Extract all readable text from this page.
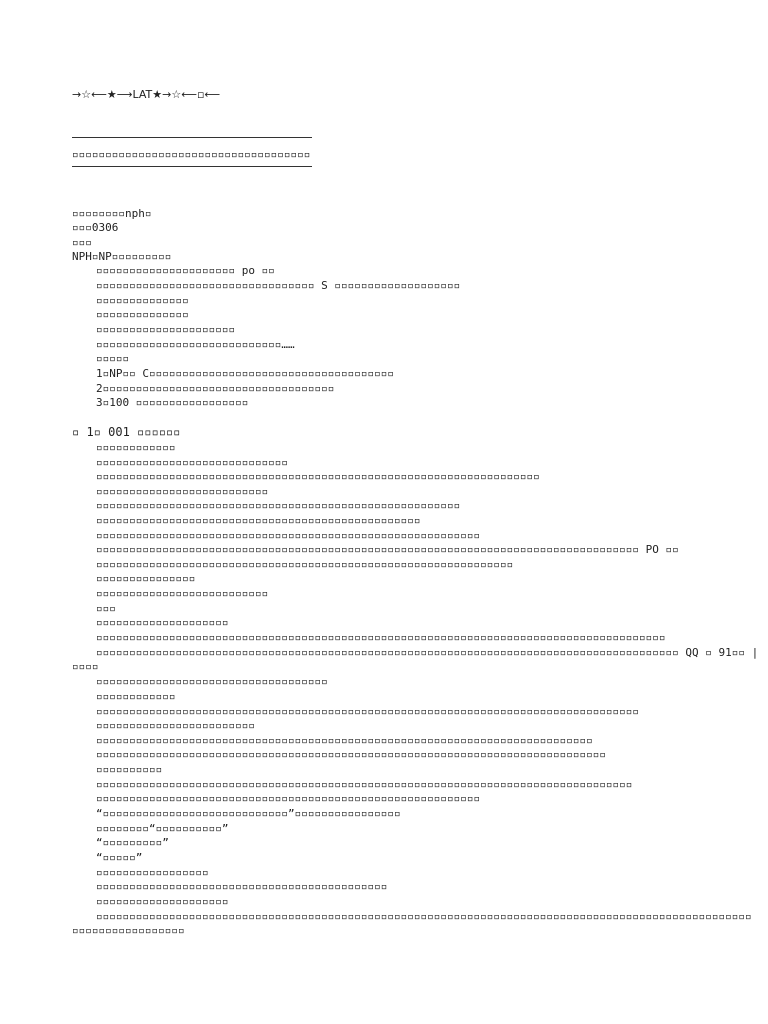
→☆⟵★⟶LAT★→☆⟵▫⟵
▫▫▫▫▫▫▫▫▫▫▫▫▫▫▫▫▫▫▫▫▫▫▫▫▫▫▫▫▫▫▫▫▫▫▫▫
▫▫▫▫▫▫▫▫nph▫
▫▫▫0306
▫▫▫
NPH▫NP▫▫▫▫▫▫▫▫▫
▫▫▫▫▫▫▫▫▫▫▫▫▫▫▫▫▫▫▫▫▫ po ▫▫
▫▫▫▫▫▫▫▫▫▫▫▫▫▫▫▫▫▫▫▫▫▫▫▫▫▫▫▫▫▫▫▫▫ S ▫▫▫▫▫▫▫▫▫▫▫▫▫▫▫▫▫▫▫
▫▫▫▫▫▫▫▫▫▫▫▫▫▫
▫▫▫▫▫▫▫▫▫▫▫▫▫▫
▫▫▫▫▫▫▫▫▫▫▫▫▫▫▫▫▫▫▫▫▫
▫▫▫▫▫▫▫▫▫▫▫▫▫▫▫▫▫▫▫▫▫▫▫▫▫▫▫▫……
▫▫▫▫▫
1▫NP▫▫ C▫▫▫▫▫▫▫▫▫▫▫▫▫▫▫▫▫▫▫▫▫▫▫▫▫▫▫▫▫▫▫▫▫▫▫▫▫
2▫▫▫▫▫▫▫▫▫▫▫▫▫▫▫▫▫▫▫▫▫▫▫▫▫▫▫▫▫▫▫▫▫▫▫
3▫100 ▫▫▫▫▫▫▫▫▫▫▫▫▫▫▫▫▫
▫ 1▫ 001 ▫▫▫▫▫▫
▫▫▫▫▫▫▫▫▫▫▫▫
▫▫▫▫▫▫▫▫▫▫▫▫▫▫▫▫▫▫▫▫▫▫▫▫▫▫▫▫▫
▫▫▫▫▫▫▫▫▫▫▫▫▫▫▫▫▫▫▫▫▫▫▫▫▫▫▫▫▫▫▫▫▫▫▫▫▫▫▫▫▫▫▫▫▫▫▫▫▫▫▫▫▫▫▫▫▫▫▫▫▫▫▫▫▫▫▫
▫▫▫▫▫▫▫▫▫▫▫▫▫▫▫▫▫▫▫▫▫▫▫▫▫▫
▫▫▫▫▫▫▫▫▫▫▫▫▫▫▫▫▫▫▫▫▫▫▫▫▫▫▫▫▫▫▫▫▫▫▫▫▫▫▫▫▫▫▫▫▫▫▫▫▫▫▫▫▫▫▫
▫▫▫▫▫▫▫▫▫▫▫▫▫▫▫▫▫▫▫▫▫▫▫▫▫▫▫▫▫▫▫▫▫▫▫▫▫▫▫▫▫▫▫▫▫▫▫▫▫
▫▫▫▫▫▫▫▫▫▫▫▫▫▫▫▫▫▫▫▫▫▫▫▫▫▫▫▫▫▫▫▫▫▫▫▫▫▫▫▫▫▫▫▫▫▫▫▫▫▫▫▫▫▫▫▫▫▫
▫▫▫▫▫▫▫▫▫▫▫▫▫▫▫▫▫▫▫▫▫▫▫▫▫▫▫▫▫▫▫▫▫▫▫▫▫▫▫▫▫▫▫▫▫▫▫▫▫▫▫▫▫▫▫▫▫▫▫▫▫▫▫▫▫▫▫▫▫▫▫▫▫▫▫▫▫▫▫▫▫▫ PO ▫▫
▫▫▫▫▫▫▫▫▫▫▫▫▫▫▫▫▫▫▫▫▫▫▫▫▫▫▫▫▫▫▫▫▫▫▫▫▫▫▫▫▫▫▫▫▫▫▫▫▫▫▫▫▫▫▫▫▫▫▫▫▫▫▫
▫▫▫▫▫▫▫▫▫▫▫▫▫▫▫
▫▫▫▫▫▫▫▫▫▫▫▫▫▫▫▫▫▫▫▫▫▫▫▫▫▫
▫▫▫
▫▫▫▫▫▫▫▫▫▫▫▫▫▫▫▫▫▫▫▫
▫▫▫▫▫▫▫▫▫▫▫▫▫▫▫▫▫▫▫▫▫▫▫▫▫▫▫▫▫▫▫▫▫▫▫▫▫▫▫▫▫▫▫▫▫▫▫▫▫▫▫▫▫▫▫▫▫▫▫▫▫▫▫▫▫▫▫▫▫▫▫▫▫▫▫▫▫▫▫▫▫▫▫▫▫▫
▫▫▫▫▫▫▫▫▫▫▫▫▫▫▫▫▫▫▫▫▫▫▫▫▫▫▫▫▫▫▫▫▫▫▫▫▫▫▫▫▫▫▫▫▫▫▫▫▫▫▫▫▫▫▫▫▫▫▫▫▫▫▫▫▫▫▫▫▫▫▫▫▫▫▫▫▫▫▫▫▫▫▫▫▫▫▫▫ QQ ▫ 91▫▫ |
▫▫▫▫
▫▫▫▫▫▫▫▫▫▫▫▫▫▫▫▫▫▫▫▫▫▫▫▫▫▫▫▫▫▫▫▫▫▫▫
▫▫▫▫▫▫▫▫▫▫▫▫
▫▫▫▫▫▫▫▫▫▫▫▫▫▫▫▫▫▫▫▫▫▫▫▫▫▫▫▫▫▫▫▫▫▫▫▫▫▫▫▫▫▫▫▫▫▫▫▫▫▫▫▫▫▫▫▫▫▫▫▫▫▫▫▫▫▫▫▫▫▫▫▫▫▫▫▫▫▫▫▫▫▫
▫▫▫▫▫▫▫▫▫▫▫▫▫▫▫▫▫▫▫▫▫▫▫▫
▫▫▫▫▫▫▫▫▫▫▫▫▫▫▫▫▫▫▫▫▫▫▫▫▫▫▫▫▫▫▫▫▫▫▫▫▫▫▫▫▫▫▫▫▫▫▫▫▫▫▫▫▫▫▫▫▫▫▫▫▫▫▫▫▫▫▫▫▫▫▫▫▫▫▫
▫▫▫▫▫▫▫▫▫▫▫▫▫▫▫▫▫▫▫▫▫▫▫▫▫▫▫▫▫▫▫▫▫▫▫▫▫▫▫▫▫▫▫▫▫▫▫▫▫▫▫▫▫▫▫▫▫▫▫▫▫▫▫▫▫▫▫▫▫▫▫▫▫▫▫▫▫
▫▫▫▫▫▫▫▫▫▫
▫▫▫▫▫▫▫▫▫▫▫▫▫▫▫▫▫▫▫▫▫▫▫▫▫▫▫▫▫▫▫▫▫▫▫▫▫▫▫▫▫▫▫▫▫▫▫▫▫▫▫▫▫▫▫▫▫▫▫▫▫▫▫▫▫▫▫▫▫▫▫▫▫▫▫▫▫▫▫▫▫
▫▫▫▫▫▫▫▫▫▫▫▫▫▫▫▫▫▫▫▫▫▫▫▫▫▫▫▫▫▫▫▫▫▫▫▫▫▫▫▫▫▫▫▫▫▫▫▫▫▫▫▫▫▫▫▫▫▫
“▫▫▫▫▫▫▫▫▫▫▫▫▫▫▫▫▫▫▫▫▫▫▫▫▫▫▫▫”▫▫▫▫▫▫▫▫▫▫▫▫▫▫▫▫
▫▫▫▫▫▫▫▫“▫▫▫▫▫▫▫▫▫▫”
“▫▫▫▫▫▫▫▫▫”
“▫▫▫▫▫”
▫▫▫▫▫▫▫▫▫▫▫▫▫▫▫▫▫
▫▫▫▫▫▫▫▫▫▫▫▫▫▫▫▫▫▫▫▫▫▫▫▫▫▫▫▫▫▫▫▫▫▫▫▫▫▫▫▫▫▫▫▫
▫▫▫▫▫▫▫▫▫▫▫▫▫▫▫▫▫▫▫▫
▫▫▫▫▫▫▫▫▫▫▫▫▫▫▫▫▫▫▫▫▫▫▫▫▫▫▫▫▫▫▫▫▫▫▫▫▫▫▫▫▫▫▫▫▫▫▫▫▫▫▫▫▫▫▫▫▫▫▫▫▫▫▫▫▫▫▫▫▫▫▫▫▫▫▫▫▫▫▫▫▫▫▫▫▫▫▫▫▫▫▫▫▫▫▫▫▫▫▫
▫▫▫▫▫▫▫▫▫▫▫▫▫▫▫▫▫
